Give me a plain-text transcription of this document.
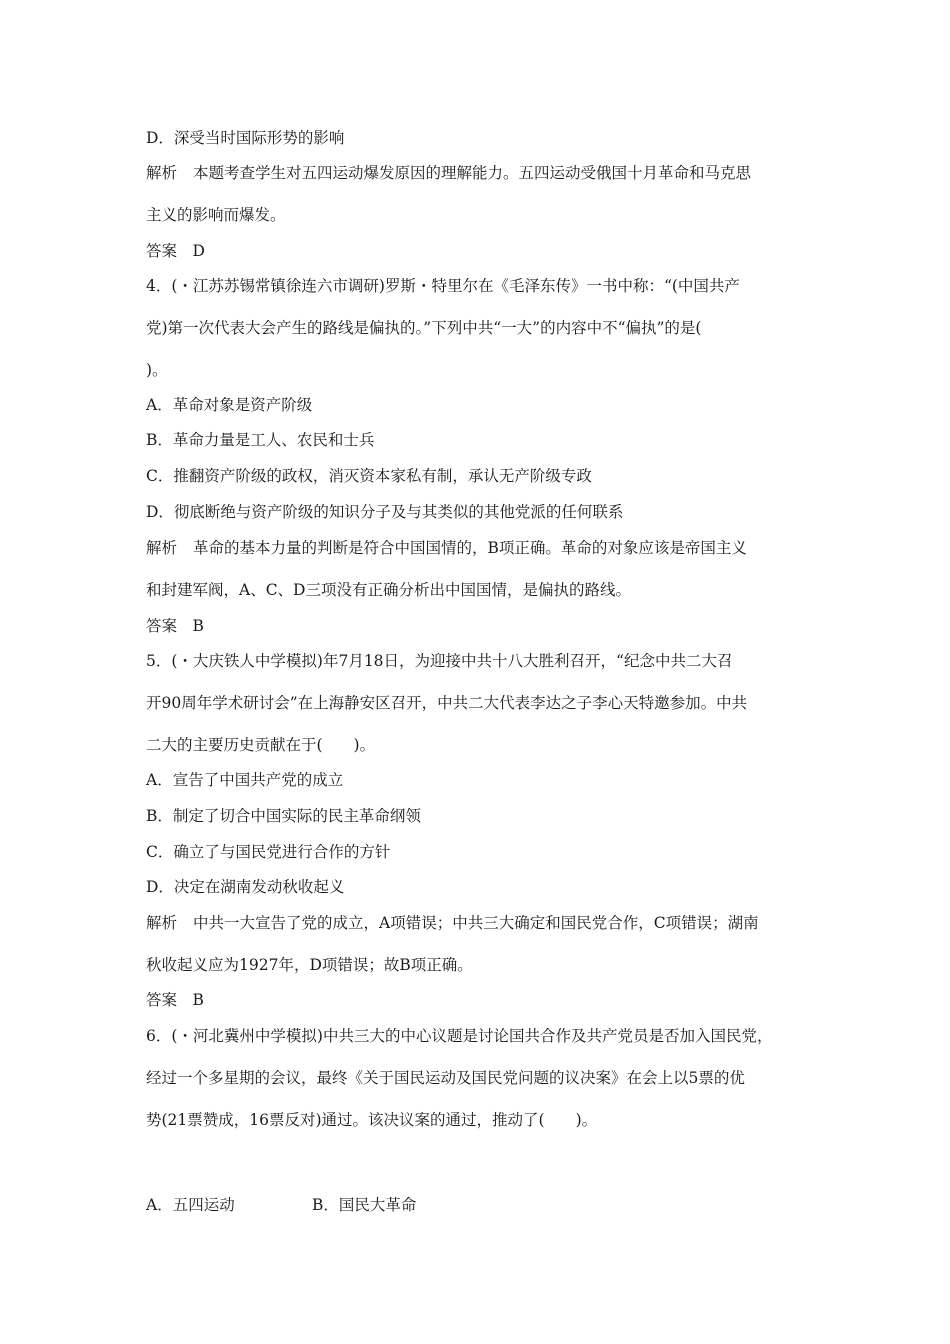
D．深受当时国际形势的影响
解析 本题考查学生对五四运动爆发原因的理解能力。五四运动受俄国十月革命和马克思
主义的影响而爆发。
答案　D
4．(・江苏苏锡常镇徐连六市调研)罗斯・特里尔在《毛泽东传》一书中称：“(中国共产
党)第一次代表大会产生的路线是偏执的。”下列中共“一大”的内容中不“偏执”的是(
)。
A．革命对象是资产阶级
B．革命力量是工人、农民和士兵
C．推翻资产阶级的政权，消灭资本家私有制，承认无产阶级专政
D．彻底断绝与资产阶级的知识分子及与其类似的其他党派的任何联系
解析 革命的基本力量的判断是符合中国国情的，B项正确。革命的对象应该是帝国主义
和封建军阀，A、C、D三项没有正确分析出中国国情，是偏执的路线。
答案　B
5．(・大庆铁人中学模拟)年7月18日，为迎接中共十八大胜利召开，“纪念中共二大召
开90周年学术研讨会”在上海静安区召开，中共二大代表李达之子李心天特邀参加。中共
二大的主要历史贡献在于(　　)。
A．宣告了中国共产党的成立
B．制定了切合中国实际的民主革命纲领
C．确立了与国民党进行合作的方针
D．决定在湖南发动秋收起义
解析 中共一大宣告了党的成立，A项错误；中共三大确定和国民党合作，C项错误；湖南
秋收起义应为1927年，D项错误；故B项正确。
答案　B
6．(・河北冀州中学模拟)中共三大的中心议题是讨论国共合作及共产党员是否加入国民党，
经过一个多星期的会议，最终《关于国民运动及国民党问题的议决案》在会上以5票的优
势(21票赞成，16票反对)通过。该决议案的通过，推动了(　　)。
A．五四运动	B．国民大革命
